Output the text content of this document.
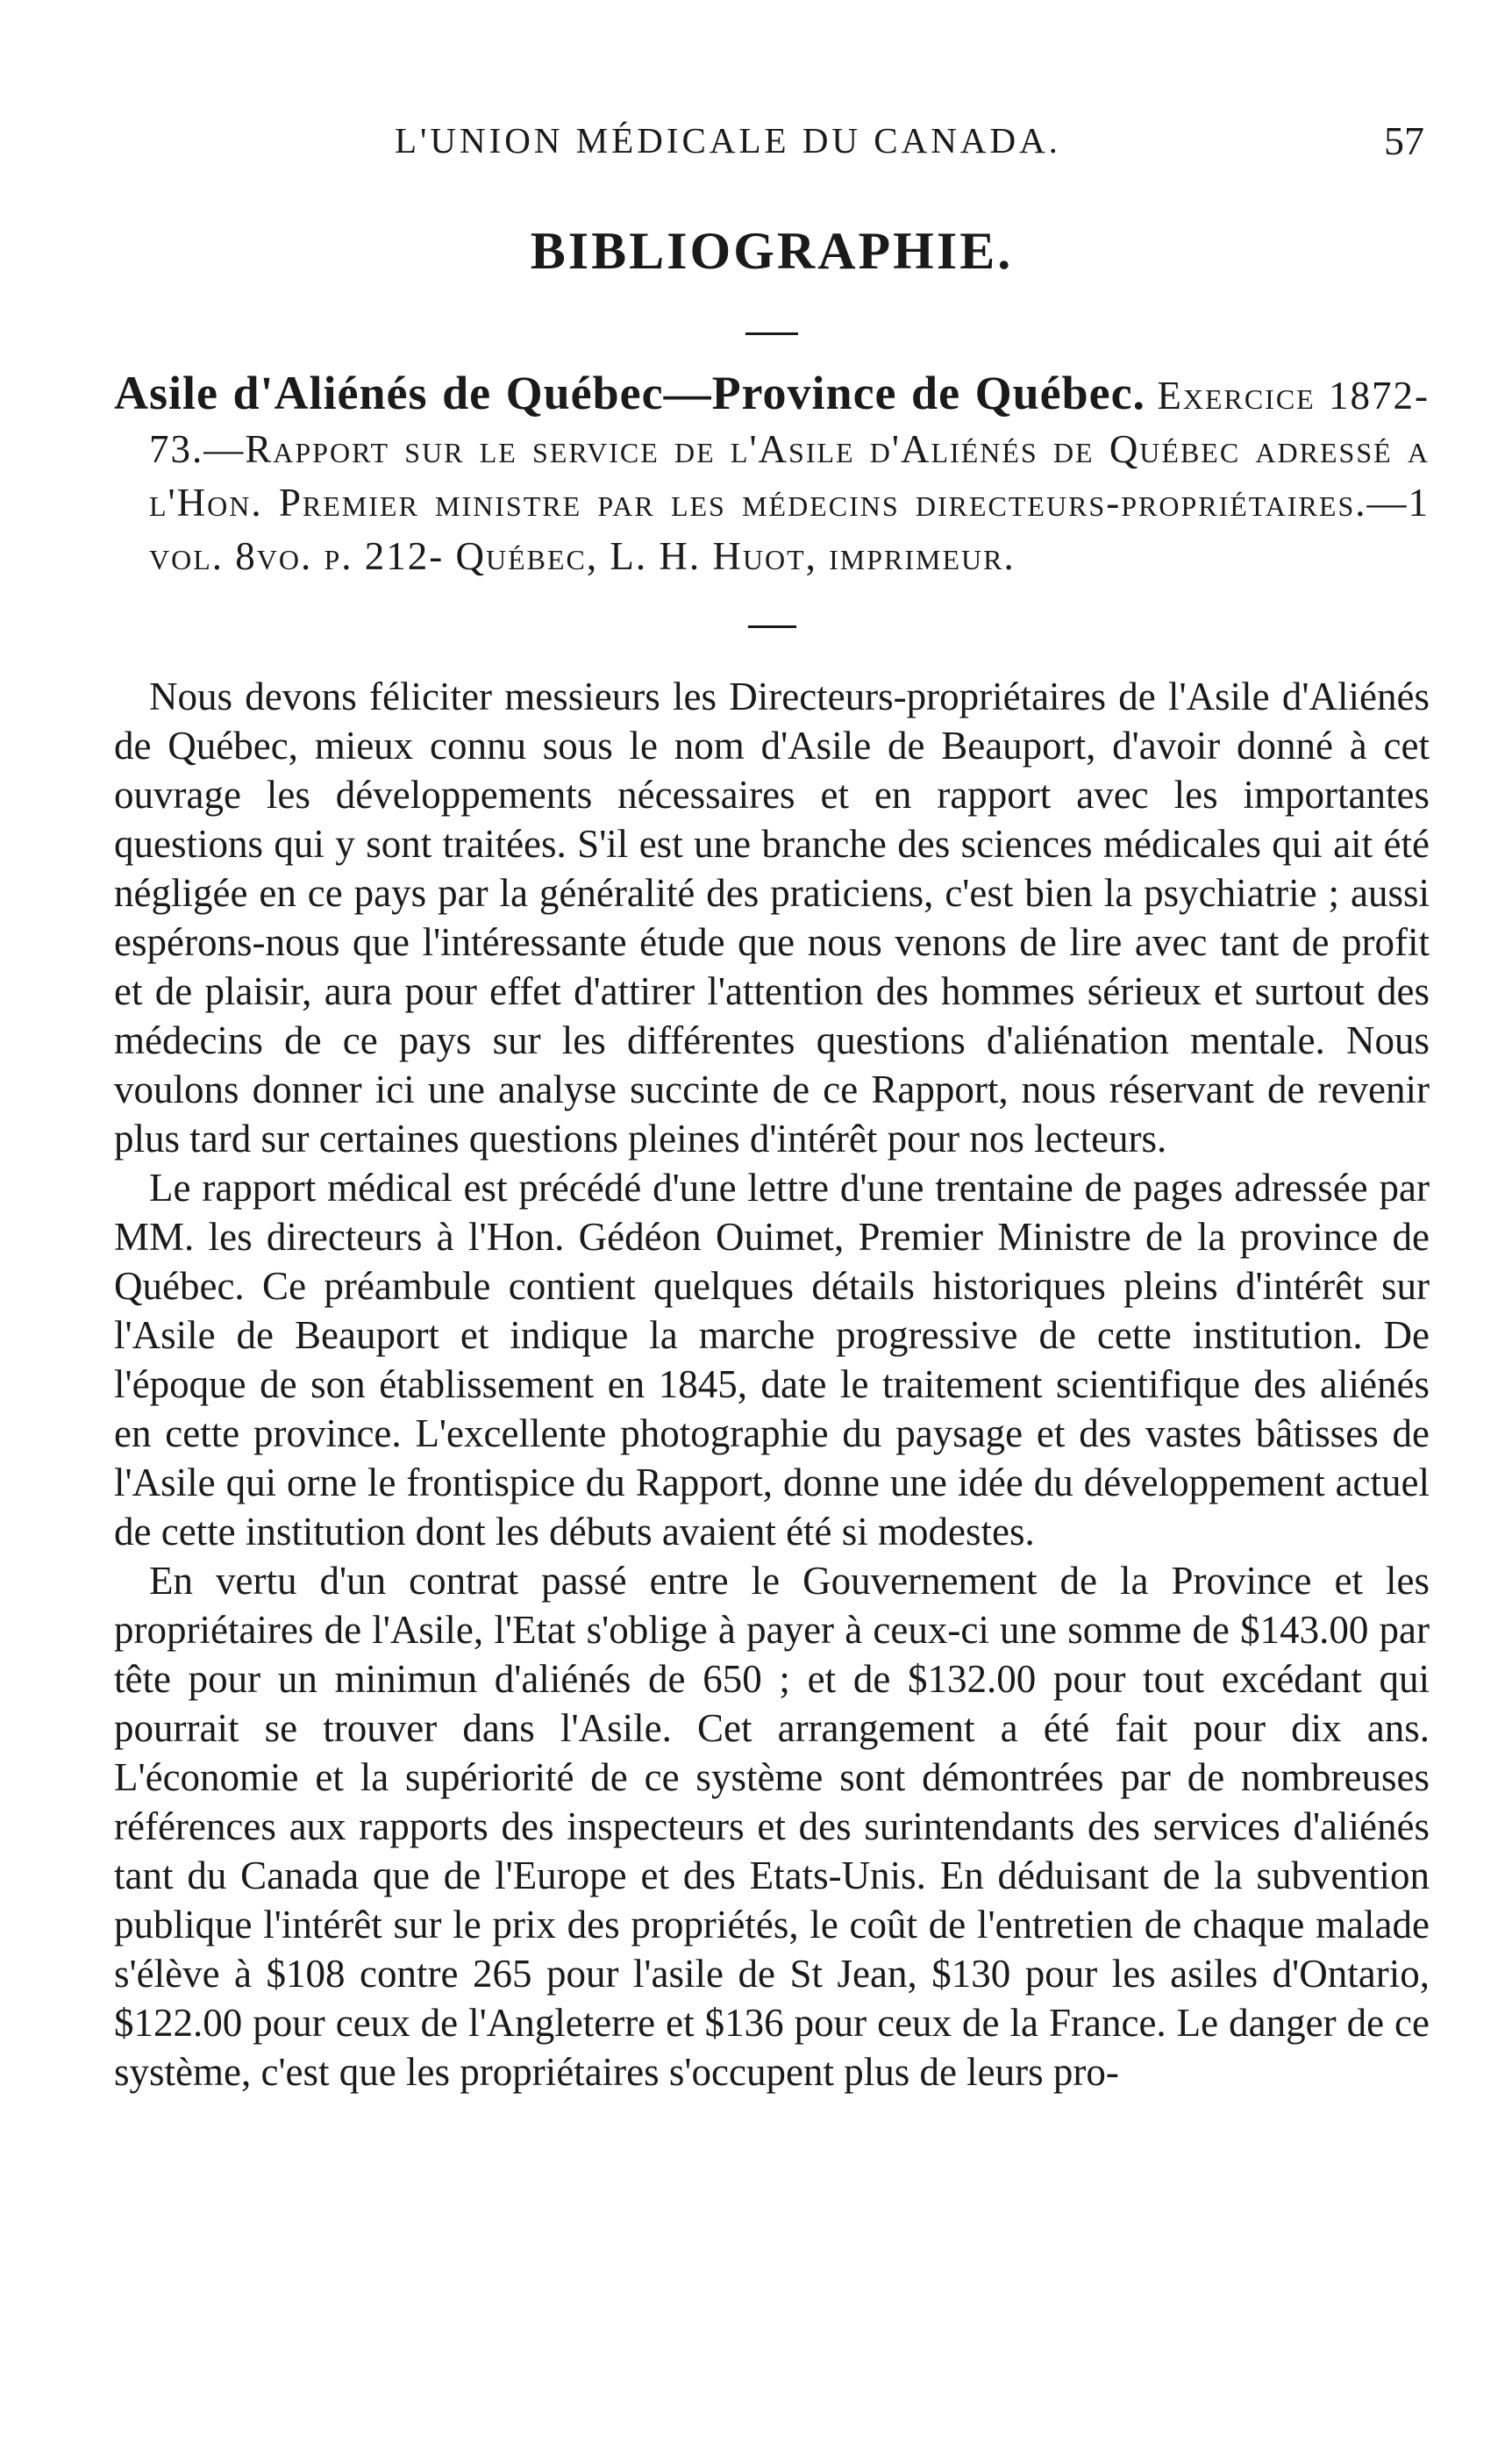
L'UNION MÉDICALE DU CANADA.	57
BIBLIOGRAPHIE.

Asile d'Aliénés de Québec—Province de Québec. Exercice 1872-73.—Rapport sur le service de l'Asile d'Aliénés de Québec adressé a l'Hon. Premier ministre par les médecins directeurs-propriétaires.—1 vol. 8vo. p. 212- Québec, L. H. Huot, imprimeur.

Nous devons féliciter messieurs les Directeurs-propriétaires de l'Asile d'Aliénés de Québec, mieux connu sous le nom d'Asile de Beauport, d'avoir donné à cet ouvrage les développements nécessaires et en rapport avec les importantes questions qui y sont traitées. S'il est une branche des sciences médicales qui ait été négligée en ce pays par la généralité des praticiens, c'est bien la psychiatrie ; aussi espérons-nous que l'intéressante étude que nous venons de lire avec tant de profit et de plaisir, aura pour effet d'attirer l'attention des hommes sérieux et surtout des médecins de ce pays sur les différentes questions d'aliénation mentale. Nous voulons donner ici une analyse succinte de ce Rapport, nous réservant de revenir plus tard sur certaines questions pleines d'intérêt pour nos lecteurs.

Le rapport médical est précédé d'une lettre d'une trentaine de pages adressée par MM. les directeurs à l'Hon. Gédéon Ouimet, Premier Ministre de la province de Québec. Ce préambule contient quelques détails historiques pleins d'intérêt sur l'Asile de Beauport et indique la marche progressive de cette institution. De l'époque de son établissement en 1845, date le traitement scientifique des aliénés en cette province. L'excellente photographie du paysage et des vastes bâtisses de l'Asile qui orne le frontispice du Rapport, donne une idée du développement actuel de cette institution dont les débuts avaient été si modestes.

En vertu d'un contrat passé entre le Gouvernement de la Province et les propriétaires de l'Asile, l'Etat s'oblige à payer à ceux-ci une somme de $143.00 par tête pour un minimun d'aliénés de 650 ; et de $132.00 pour tout excédant qui pourrait se trouver dans l'Asile. Cet arrangement a été fait pour dix ans. L'économie et la supériorité de ce système sont démontrées par de nombreuses références aux rapports des inspecteurs et des surintendants des services d'aliénés tant du Canada que de l'Europe et des Etats-Unis. En déduisant de la subvention publique l'intérêt sur le prix des propriétés, le coût de l'entretien de chaque malade s'élève à $108 contre 265 pour l'asile de St Jean, $130 pour les asiles d'Ontario, $122.00 pour ceux de l'Angleterre et $136 pour ceux de la France. Le danger de ce système, c'est que les propriétaires s'occupent plus de leurs pro-
